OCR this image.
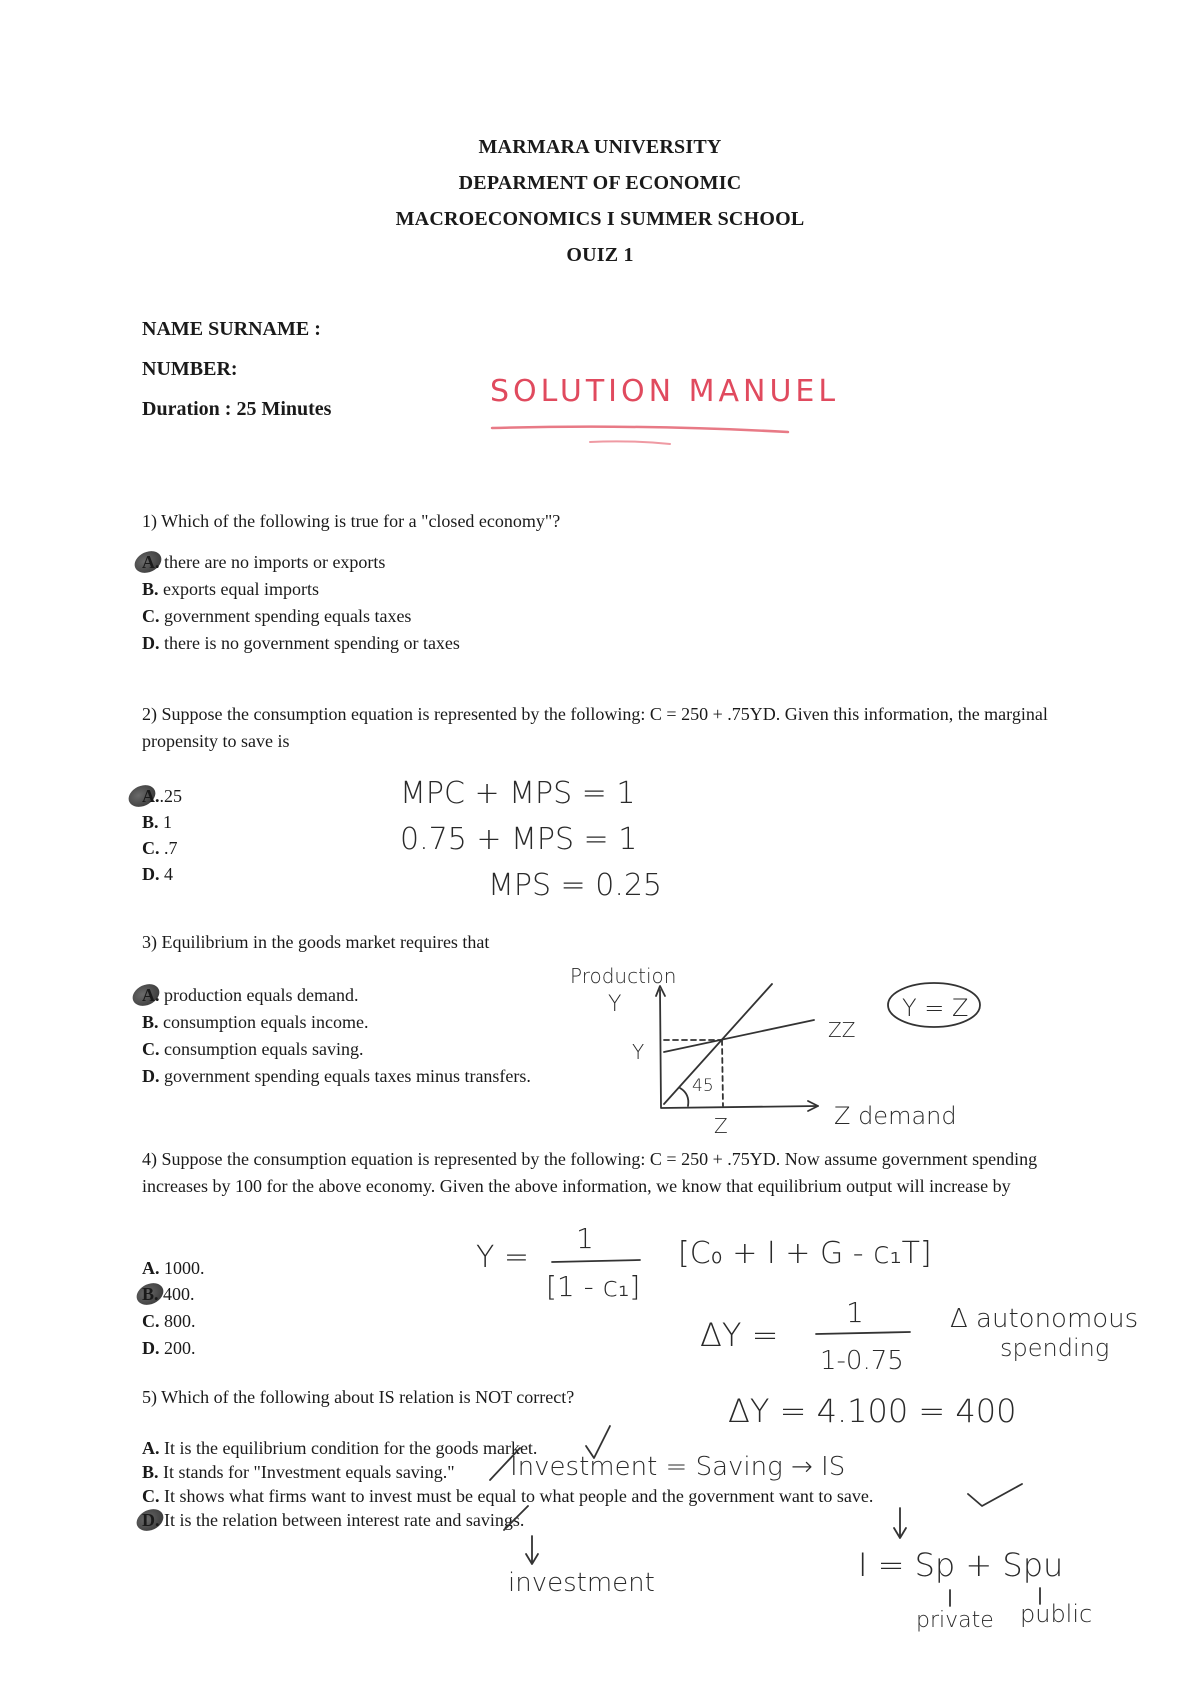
MARMARA UNIVERSITY
DEPARMENT OF ECONOMIC
MACROECONOMICS I SUMMER SCHOOL
OUIZ 1
NAME SURNAME :
NUMBER:
Duration : 25 Minutes	SOLUTION MANUEL
1) Which of the following is true for a "closed economy"?
A. there are no imports or exports
B. exports equal imports
C. government spending equals taxes
D. there is no government spending or taxes
2) Suppose the consumption equation is represented by the following: C = 250 + .75YD. Given this information, the marginal propensity to save is
A..25
B. 1
C. .7
D. 4
MPC + MPS = 1
0.75 + MPS = 1
MPS = 0.25
3) Equilibrium in the goods market requires that
A. production equals demand.
B. consumption equals income.
C. consumption equals saving.
D. government spending equals taxes minus transfers.
Production
Y
Y
Z	Z demand
ZZ
45
Y = Z
4) Suppose the consumption equation is represented by the following: C = 250 + .75YD. Now assume government spending increases by 100 for the above economy. Given the above information, we know that equilibrium output will increase by
A. 1000.
B. 400.
C. 800.
D. 200.
Y =
1
[1 - c₁]
[C₀ + I + G - c₁T]
ΔY =
1
1-0.75
Δ autonomous
spending
ΔY = 4.100 = 400
5) Which of the following about IS relation is NOT correct?
A. It is the equilibrium condition for the goods market.
B. It stands for "Investment equals saving."
C. It shows what firms want to invest must be equal to what people and the government want to save.
D. It is the relation between interest rate and savings.
Investment = Saving → IS
investment	I = Sp + Spu
private public
